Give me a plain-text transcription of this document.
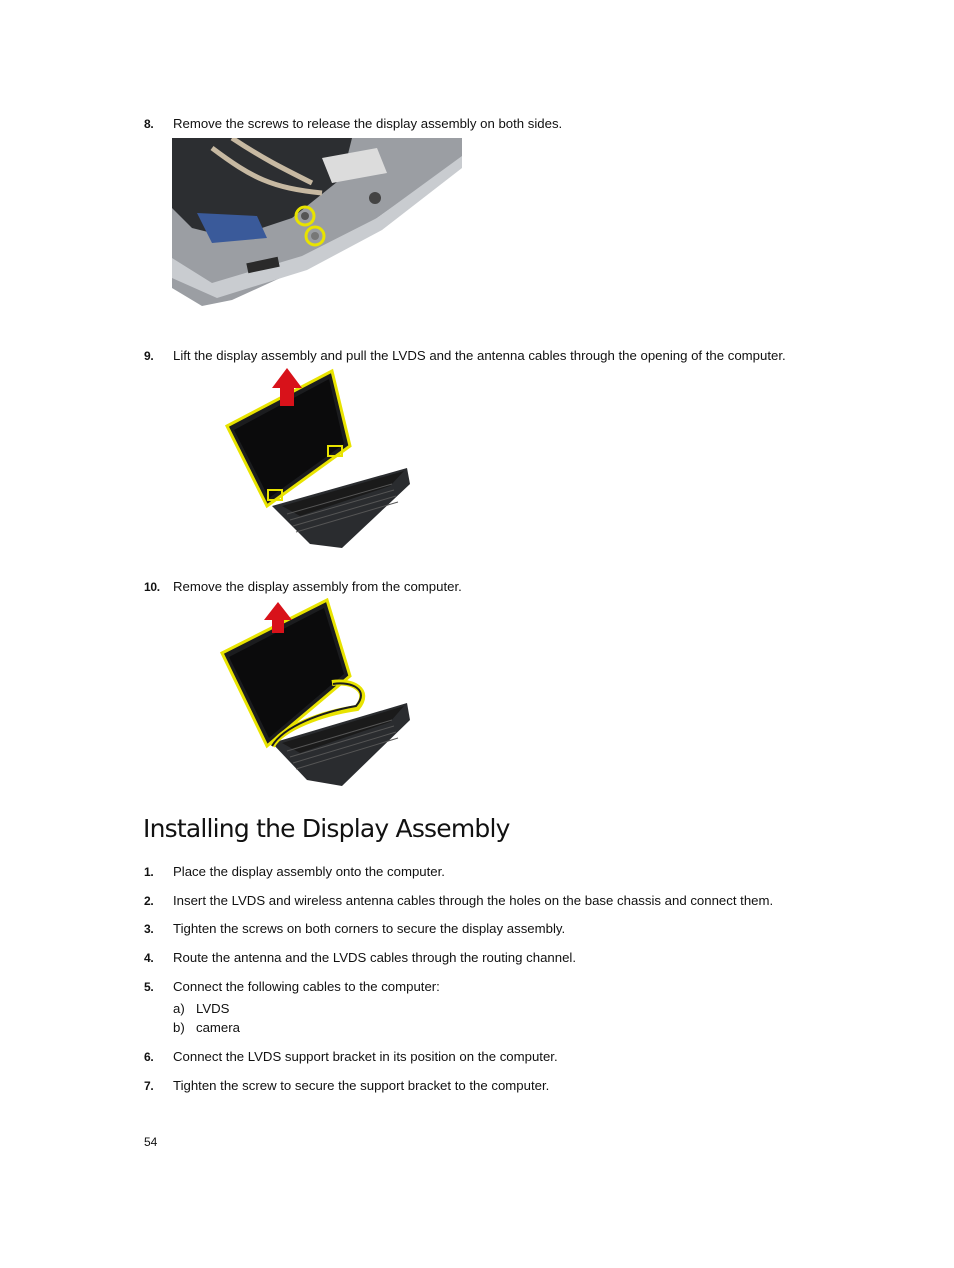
8. Remove the screws to release the display assembly on both sides.
9. Lift the display assembly and pull the LVDS and the antenna cables through the opening of the computer.
10. Remove the display assembly from the computer.
Installing the Display Assembly
1. Place the display assembly onto the computer.
2. Insert the LVDS and wireless antenna cables through the holes on the base chassis and connect them.
3. Tighten the screws on both corners to secure the display assembly.
4. Route the antenna and the LVDS cables through the routing channel.
5. Connect the following cables to the computer:
a) LVDS
b) camera
6. Connect the LVDS support bracket in its position on the computer.
7. Tighten the screw to secure the support bracket to the computer.
54
